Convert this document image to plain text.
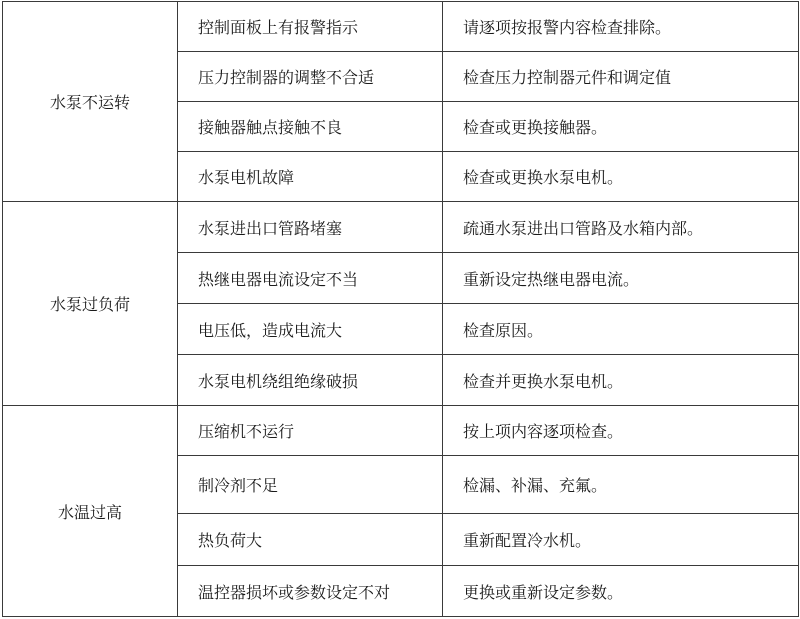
水泵不运转	控制面板上有报警指示	请逐项按报警内容检查排除。
	压力控制器的调整不合适	检查压力控制器元件和调定值
	接触器触点接触不良	检查或更换接触器。
	水泵电机故障	检查或更换水泵电机。
水泵过负荷	水泵进出口管路堵塞	疏通水泵进出口管路及水箱内部。
	热继电器电流设定不当	重新设定热继电器电流。
	电压低，造成电流大	检查原因。
	水泵电机绕组绝缘破损	检查并更换水泵电机。
水温过高	压缩机不运行	按上项内容逐项检查。
	制冷剂不足	检漏、补漏、充氟。
	热负荷大	重新配置冷水机。
	温控器损坏或参数设定不对	更换或重新设定参数。
